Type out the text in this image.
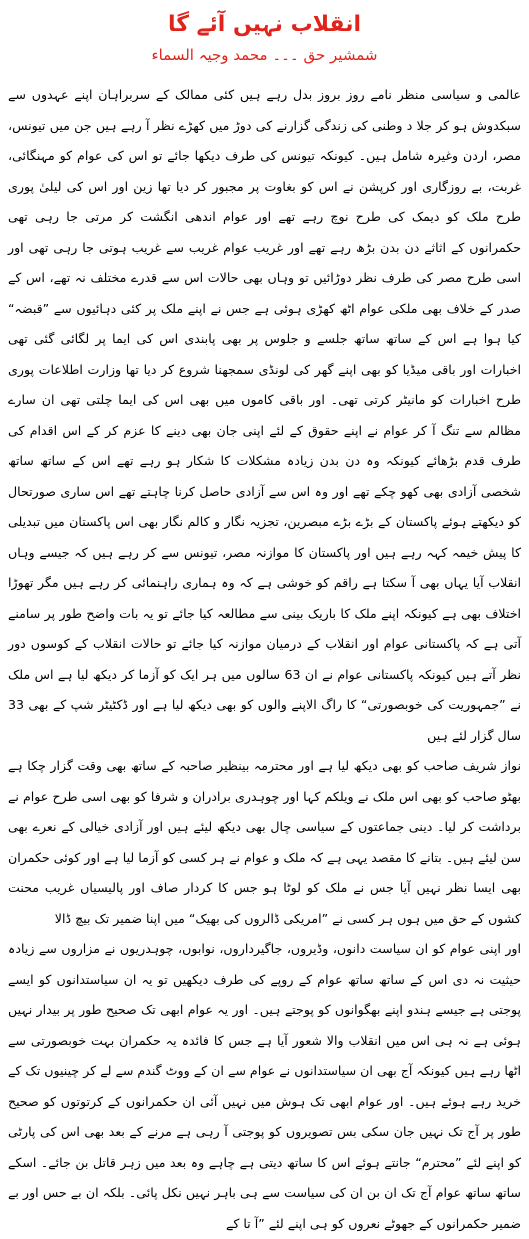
انقلاب نہیں آئے گا
شمشیر حق ۔۔۔ محمد وجیہ السماء

عالمی و سیاسی منظر نامے روز بروز بدل رہے ہیں کئی ممالک کے سربراہان اپنے عہدوں سے سبکدوش ہو کر جلا د وطنی کی زندگی گزارنے کی دوڑ میں کھڑے نظر آ رہے ہیں جن میں تیونس، مصر، اردن وغیرہ شامل ہیں۔ کیونکہ تیونس کی طرف دیکھا جائے تو اس کی عوام کو مہنگائی، غربت، بے روزگاری اور کرپشن نے اس کو بغاوت پر مجبور کر دیا تھا زین اور اس کی لیلیٰ پوری طرح ملک کو دیمک کی طرح نوچ رہے تھے اور عوام اندھی انگشت کر مرتی جا رہی تھی حکمرانوں کے اثاثے دن بدن بڑھ رہے تھے اور غریب عوام غریب سے غریب ہوتی جا رہی تھی اور اسی طرح مصر کی طرف نظر دوڑائیں تو وہاں بھی حالات اس سے قدرے مختلف نہ تھے، اس کے صدر کے خلاف بھی ملکی عوام اٹھ کھڑی ہوئی ہے جس نے اپنے ملک پر کئی دہائیوں سے ”قبضہ“ کیا ہوا ہے اس کے ساتھ ساتھ جلسے و جلوس پر بھی پابندی اس کی ایما پر لگائی گئی تھی اخبارات اور باقی میڈیا کو بھی اپنے گھر کی لونڈی سمجھنا شروع کر دیا تھا وزارت اطلاعات پوری طرح اخبارات کو مانیٹر کرتی تھی۔ اور باقی کاموں میں بھی اس کی ایما چلتی تھی ان سارے مظالم سے تنگ آ کر عوام نے اپنے حقوق کے لئے اپنی جان بھی دینے کا عزم کر کے اس اقدام کی طرف قدم بڑھائے کیونکہ وہ دن بدن زیادہ مشکلات کا شکار ہو رہے تھے اس کے ساتھ ساتھ شخصی آزادی بھی کھو چکے تھے اور وہ اس سے آزادی حاصل کرنا چاہتے تھے اس ساری صورتحال کو دیکھتے ہوئے پاکستان کے بڑے بڑے مبصرین، تجزیہ نگار و کالم نگار بھی اس پاکستان میں تبدیلی کا پیش خیمہ کہہ رہے ہیں اور پاکستان کا موازنہ مصر، تیونس سے کر رہے ہیں کہ جیسے وہاں انقلاب آیا یہاں بھی آ سکتا ہے راقم کو خوشی ہے کہ وہ ہماری راہنمائی کر رہے ہیں مگر تھوڑا اختلاف بھی ہے کیونکہ اپنے ملک کا باریک بینی سے مطالعہ کیا جائے تو یہ بات واضح طور پر سامنے آتی ہے کہ پاکستانی عوام اور انقلاب کے درمیان موازنہ کیا جائے تو حالات انقلاب کے کوسوں دور نظر آتے ہیں کیونکہ پاکستانی عوام نے ان 63 سالوں میں ہر ایک کو آزما کر دیکھ لیا ہے اس ملک نے ”جمہوریت کی خوبصورتی“ کا راگ الاپنے والوں کو بھی دیکھ لیا ہے اور ڈکٹیٹر شپ کے بھی 33 سال گزار لئے ہیں

نواز شریف صاحب کو بھی دیکھ لیا ہے اور محترمہ بینظیر صاحبہ کے ساتھ بھی وقت گزار چکا ہے بھٹو صاحب کو بھی اس ملک نے ویلکم کہا اور چوہدری برادران و شرفا کو بھی اسی طرح عوام نے برداشت کر لیا۔ دینی جماعتوں کے سیاسی چال بھی دیکھ لیئے ہیں اور آزادی خیالی کے نعرے بھی سن لیئے ہیں۔ بتانے کا مقصد یہی ہے کہ ملک و عوام نے ہر کسی کو آزما لیا ہے اور کوئی حکمران بھی ایسا نظر نہیں آیا جس نے ملک کو لوٹا ہو جس کا کردار صاف اور پالیسیاں غریب محنت کشوں کے حق میں ہوں ہر کسی نے ”امریکی ڈالروں کی بھیک“ میں اپنا ضمیر تک بیچ ڈالا

اور اپنی عوام کو ان سیاست دانوں، وڈیروں، جاگیرداروں، نوابوں، چوہدریوں نے مزاروں سے زیادہ حیثیت نہ دی اس کے ساتھ ساتھ عوام کے روپے کی طرف دیکھیں تو یہ ان سیاستدانوں کو ایسے پوجتی ہے جیسے ہندو اپنے بھگوانوں کو پوجتے ہیں۔ اور یہ عوام ابھی تک صحیح طور پر بیدار نہیں ہوئی ہے نہ ہی اس میں انقلاب والا شعور آیا ہے جس کا فائدہ یہ حکمران بہت خوبصورتی سے اٹھا رہے ہیں کیونکہ آج بھی ان سیاستدانوں نے عوام سے ان کے ووٹ گندم سے لے کر چینیوں تک کے خرید رہے ہوئے ہیں۔ اور عوام ابھی تک ہوش میں نہیں آئی ان حکمرانوں کے کرتوتوں کو صحیح طور پر آج تک نہیں جان سکی بس تصویروں کو پوجتی آ رہی ہے مرنے کے بعد بھی اس کی پارٹی کو اپنے لئے ”محترم“ جانتے ہوئے اس کا ساتھ دیتی ہے چاہے وہ بعد میں زہر قاتل بن جائے۔ اسکے ساتھ ساتھ عوام آج تک ان بن ان کی سیاست سے ہی باہر نہیں نکل پائی۔ بلکہ ان بے حس اور بے ضمیر حکمرانوں کے جھوٹے نعروں کو ہی اپنے لئے ”آ تا کے
